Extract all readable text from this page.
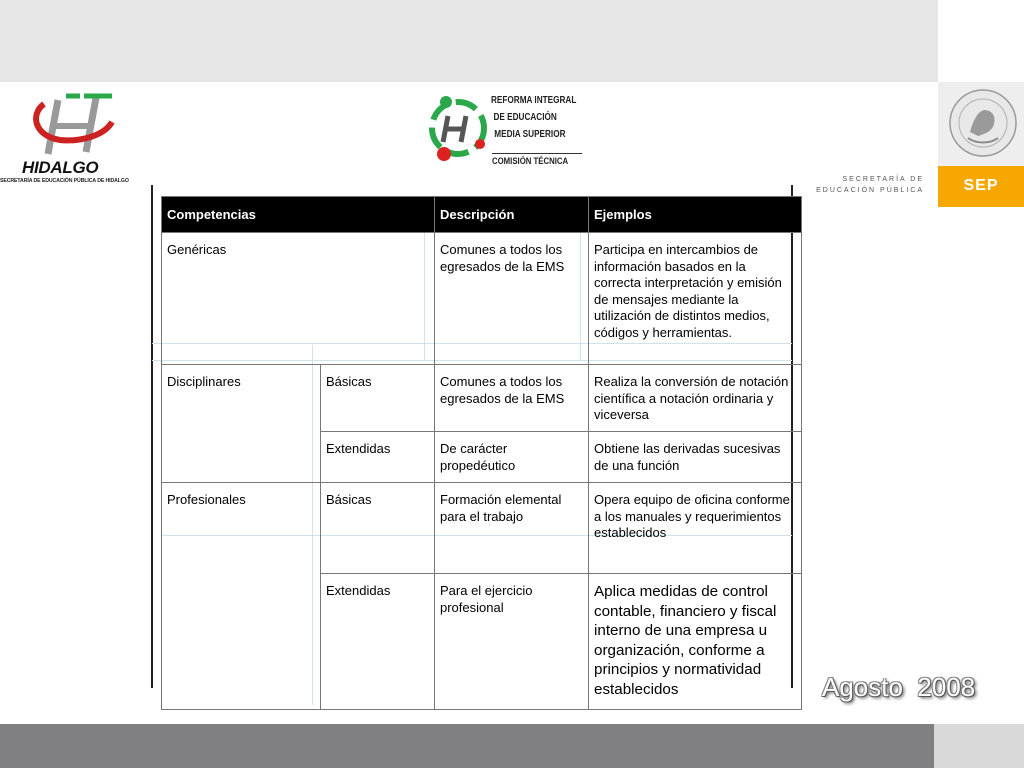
HIDALGO
SECRETARÍA DE EDUCACIÓN PÚBLICA DE HIDALGO
REFORMA INTEGRAL
DE EDUCACIÓN
MEDIA SUPERIOR
COMISIÓN TÉCNICA
SECRETARÍA DE
EDUCACIÓN PÚBLICA	SEP
Competencias		Descripción	Ejemplos
Genéricas		Comunes a todos los egresados de la EMS	Participa en intercambios de información basados en la correcta interpretación y emisión de mensajes mediante la utilización de distintos medios, códigos y herramientas.
Disciplinares	Básicas	Comunes a todos los egresados de la EMS	Realiza la conversión de notación científica a notación ordinaria y viceversa
	Extendidas	De carácter propedéutico	Obtiene las derivadas sucesivas de una función
Profesionales	Básicas	Formación elemental para el trabajo	Opera equipo de oficina conforme a los manuales y requerimientos establecidos
	Extendidas	Para el ejercicio profesional	Aplica medidas de control contable, financiero y fiscal interno de una empresa u organización, conforme a principios y normatividad establecidos	Agosto  2008
